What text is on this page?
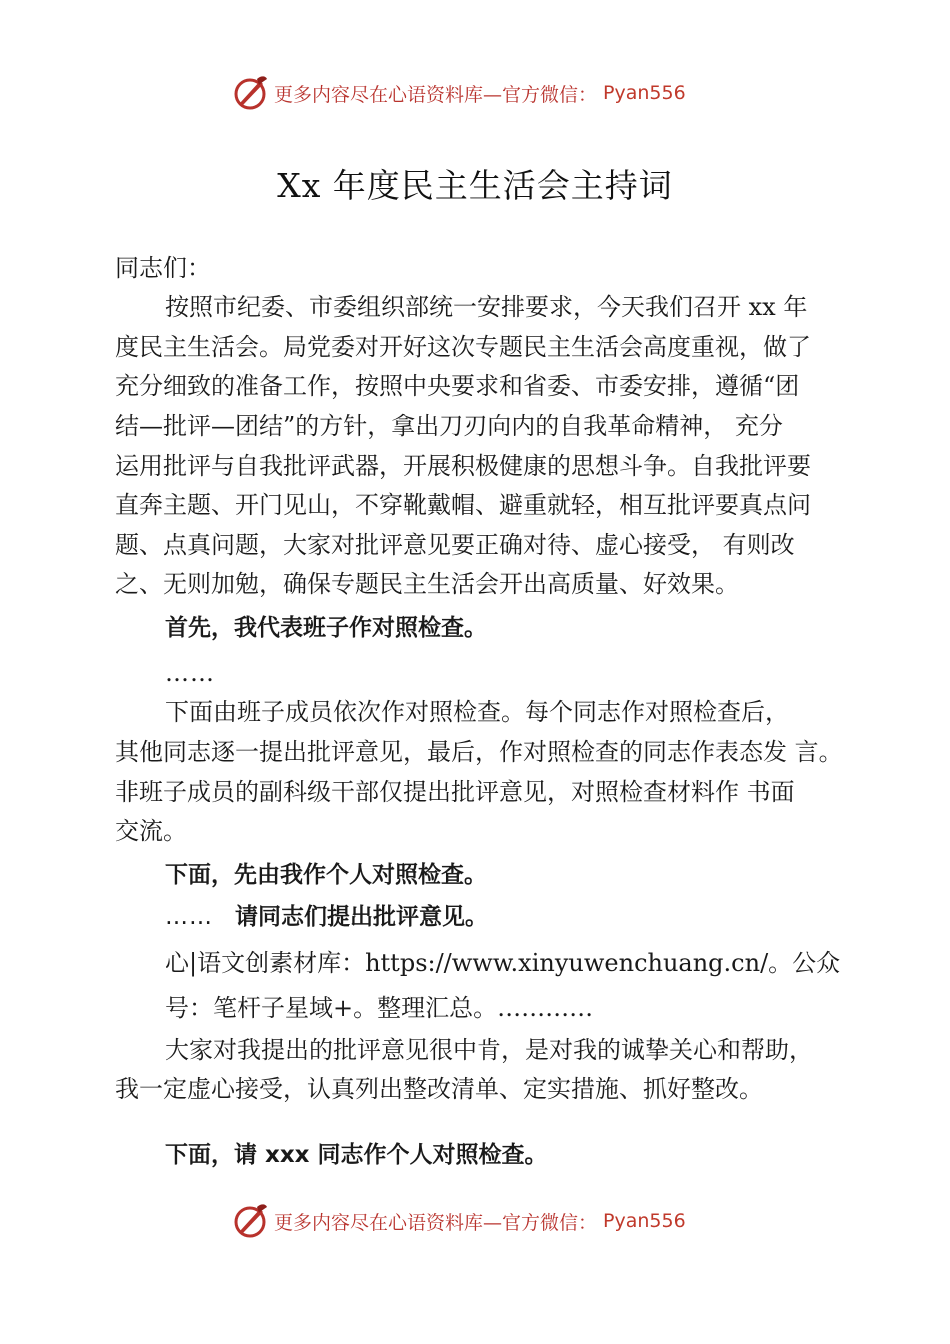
更多内容尽在心语资料库—官方微信： Pyan556
Xx 年度民主生活会主持词
同志们：
按照市纪委、市委组织部统一安排要求，今天我们召开 xx 年
度民主生活会。局党委对开好这次专题民主生活会高度重视，做了
充分细致的准备工作，按照中央要求和省委、市委安排，遵循“团
结—批评—团结”的方针，拿出刀刃向内的自我革命精神， 充分
运用批评与自我批评武器，开展积极健康的思想斗争。自我批评要
直奔主题、开门见山，不穿靴戴帽、避重就轻，相互批评要真点问
题、点真问题，大家对批评意见要正确对待、虚心接受， 有则改
之、无则加勉，确保专题民主生活会开出高质量、好效果。
首先，我代表班子作对照检查。
……
下面由班子成员依次作对照检查。每个同志作对照检查后，
其他同志逐一提出批评意见，最后，作对照检查的同志作表态发 言。
非班子成员的副科级干部仅提出批评意见，对照检查材料作 书面
交流。
下面，先由我作个人对照检查。
…… 请同志们提出批评意见。
心|语文创素材库：https://www.xinyuwenchuang.cn/。公众
号：笔杆子星域+。整理汇总。…………
大家对我提出的批评意见很中肯，是对我的诚挚关心和帮助，
我一定虚心接受，认真列出整改清单、定实措施、抓好整改。
下面，请 xxx 同志作个人对照检查。
更多内容尽在心语资料库—官方微信： Pyan556
